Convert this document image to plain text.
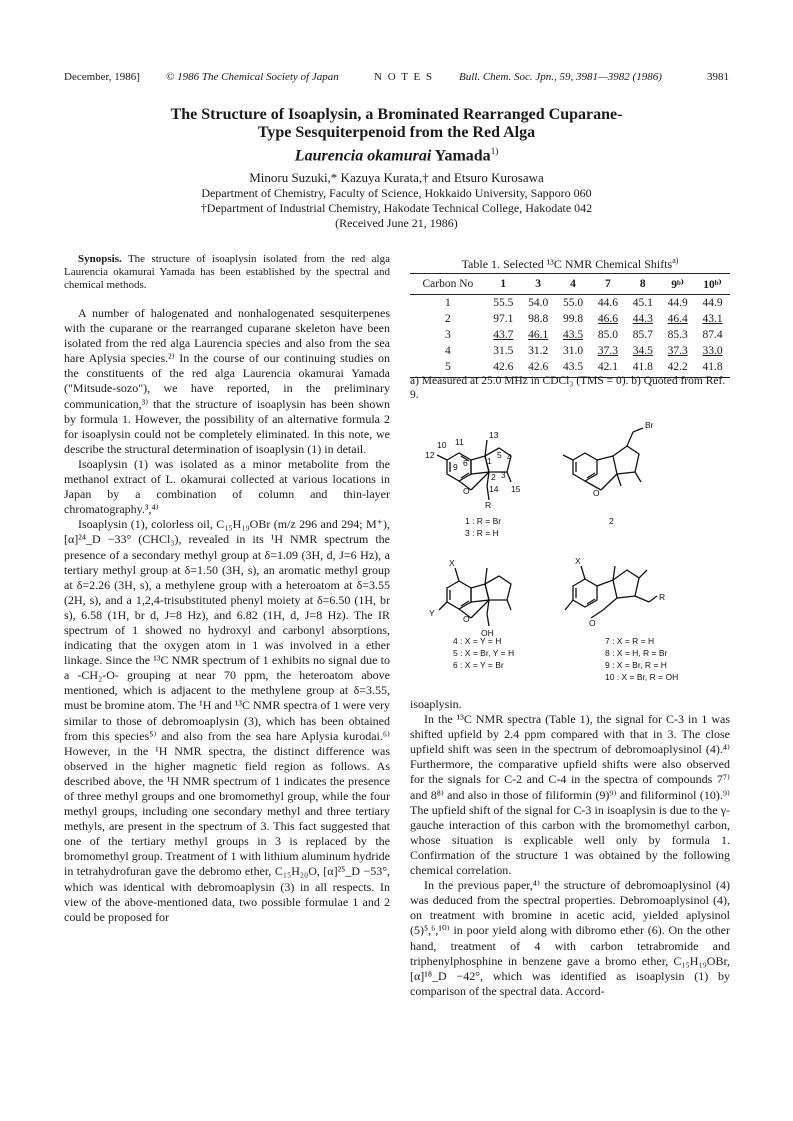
December, 1986] © 1986 The Chemical Society of Japan	N O T E S Bull. Chem. Soc. Jpn., 59, 3981—3982 (1986)	3981
The Structure of Isoaplysin, a Brominated Rearranged Cuparane-
Type Sesquiterpenoid from the Red Alga
Laurencia okamurai Yamada$^{1)}$
Minoru Suzuki,* Kazuya Kurata,† and Etsuro Kurosawa
Department of Chemistry, Faculty of Science, Hokkaido University, Sapporo 060
†Department of Industrial Chemistry, Hakodate Technical College, Hakodate 042
(Received June 21, 1986)

Synopsis. The structure of isoaplysin isolated from the red alga Laurencia okamurai Yamada has been established by the spectral and chemical methods.

A number of halogenated and nonhalogenated sesquiterpenes with the cuparane or the rearranged cuparane skeleton have been isolated from the red alga Laurencia species and also from the sea hare Aplysia species.²⁾ In the course of our continuing studies on the constituents of the red alga Laurencia okamurai Yamada ("Mitsude-sozo"), we have reported, in the preliminary communication,³⁾ that the structure of isoaplysin has been shown by formula 1. However, the possibility of an alternative formula 2 for isoaplysin could not be completely eliminated. In this note, we describe the structural determination of isoaplysin (1) in detail.

Isoaplysin (1) was isolated as a minor metabolite from the methanol extract of L. okamurai collected at various locations in Japan by a combination of column and thin-layer chromatography.³,⁴⁾

Isoaplysin (1), colorless oil, C₁₅H₁₉OBr (m/z 296 and 294; M⁺), [α]²⁴_D −33° (CHCl₃), revealed in its ¹H NMR spectrum the presence of a secondary methyl group at δ=1.09 (3H, d, J=6 Hz), a tertiary methyl group at δ=1.50 (3H, s), an aromatic methyl group at δ=2.26 (3H, s), a methylene group with a heteroatom at δ=3.55 (2H, s), and a 1,2,4-trisubstituted phenyl moiety at δ=6.50 (1H, br s), 6.58 (1H, br d, J=8 Hz), and 6.82 (1H, d, J=8 Hz). The IR spectrum of 1 showed no hydroxyl and carbonyl absorptions, indicating that the oxygen atom in 1 was involved in a ether linkage. Since the ¹³C NMR spectrum of 1 exhibits no signal due to a -CH₂-O- grouping at near 70 ppm, the heteroatom above mentioned, which is adjacent to the methylene group at δ=3.55, must be bromine atom. The ¹H and ¹³C NMR spectra of 1 were very similar to those of debromoaplysin (3), which has been obtained from this species⁵⁾ and also from the sea hare Aplysia kurodai.⁶⁾ However, in the ¹H NMR spectra, the distinct difference was observed in the higher magnetic field region as follows. As described above, the ¹H NMR spectrum of 1 indicates the presence of three methyl groups and one bromomethyl group, while the four methyl groups, including one secondary methyl and three tertiary methyls, are present in the spectrum of 3. This fact suggested that one of the tertiary methyl groups in 3 is replaced by the bromomethyl group. Treatment of 1 with lithium aluminum hydride in tetrahydrofuran gave the debromo ether, C₁₅H₂₀O, [α]²⁵_D −53°, which was identical with debromoaplysin (3) in all respects. In view of the above-mentioned data, two possible formulae 1 and 2 could be proposed for

Table 1. Selected ¹³C NMR Chemical Shifts$^{a)}$
Carbon No	1	3	4	7	8	9ᵇ⁾	10ᵇ⁾
1	55.5	54.0	55.0	44.6	45.1	44.9	44.9
2	97.1	98.8	99.8	46.6	44.3	46.4	43.1
3	43.7	46.1	43.5	85.0	85.7	85.3	87.4
4	31.5	31.2	31.0	37.3	34.5	37.3	33.0
5	42.6	42.6	43.5	42.1	41.8	42.2	41.8
a) Measured at 25.0 MHz in CDCl₃ (TMS = 0). b) Quoted from Ref. 9.
10 11
12
13
9 6 1
2 3
4
5
14 15
O
R
1 : R = Br
3 : R = H
Br
O
2
X
Y
O
OH
4 : X = Y = H
5 : X = Br, Y = H
6 : X = Y = Br
X
O
R
7 : X = R = H
8 : X = H, R = Br
9 : X = Br, R = H
10 : X = Br, R = OH

isoaplysin.

In the ¹³C NMR spectra (Table 1), the signal for C-3 in 1 was shifted upfield by 2.4 ppm compared with that in 3. The close upfield shift was seen in the spectrum of debromoaplysinol (4).⁴⁾ Furthermore, the comparative upfield shifts were also observed for the signals for C-2 and C-4 in the spectra of compounds 7⁷⁾ and 8⁸⁾ and also in those of filiformin (9)⁹⁾ and filiforminol (10).⁹⁾ The upfield shift of the signal for C-3 in isoaplysin is due to the γ-gauche interaction of this carbon with the bromomethyl carbon, whose situation is explicable well only by formula 1. Confirmation of the structure 1 was obtained by the following chemical correlation.

In the previous paper,⁴⁾ the structure of debromoaplysinol (4) was deduced from the spectral properties. Debromoaplysinol (4), on treatment with bromine in acetic acid, yielded aplysinol (5)⁵,⁶,¹⁰⁾ in poor yield along with dibromo ether (6). On the other hand, treatment of 4 with carbon tetrabromide and triphenylphosphine in benzene gave a bromo ether, C₁₅H₁₉OBr, [α]¹⁸_D −42°, which was identified as isoaplysin (1) by comparison of the spectral data. Accord-
